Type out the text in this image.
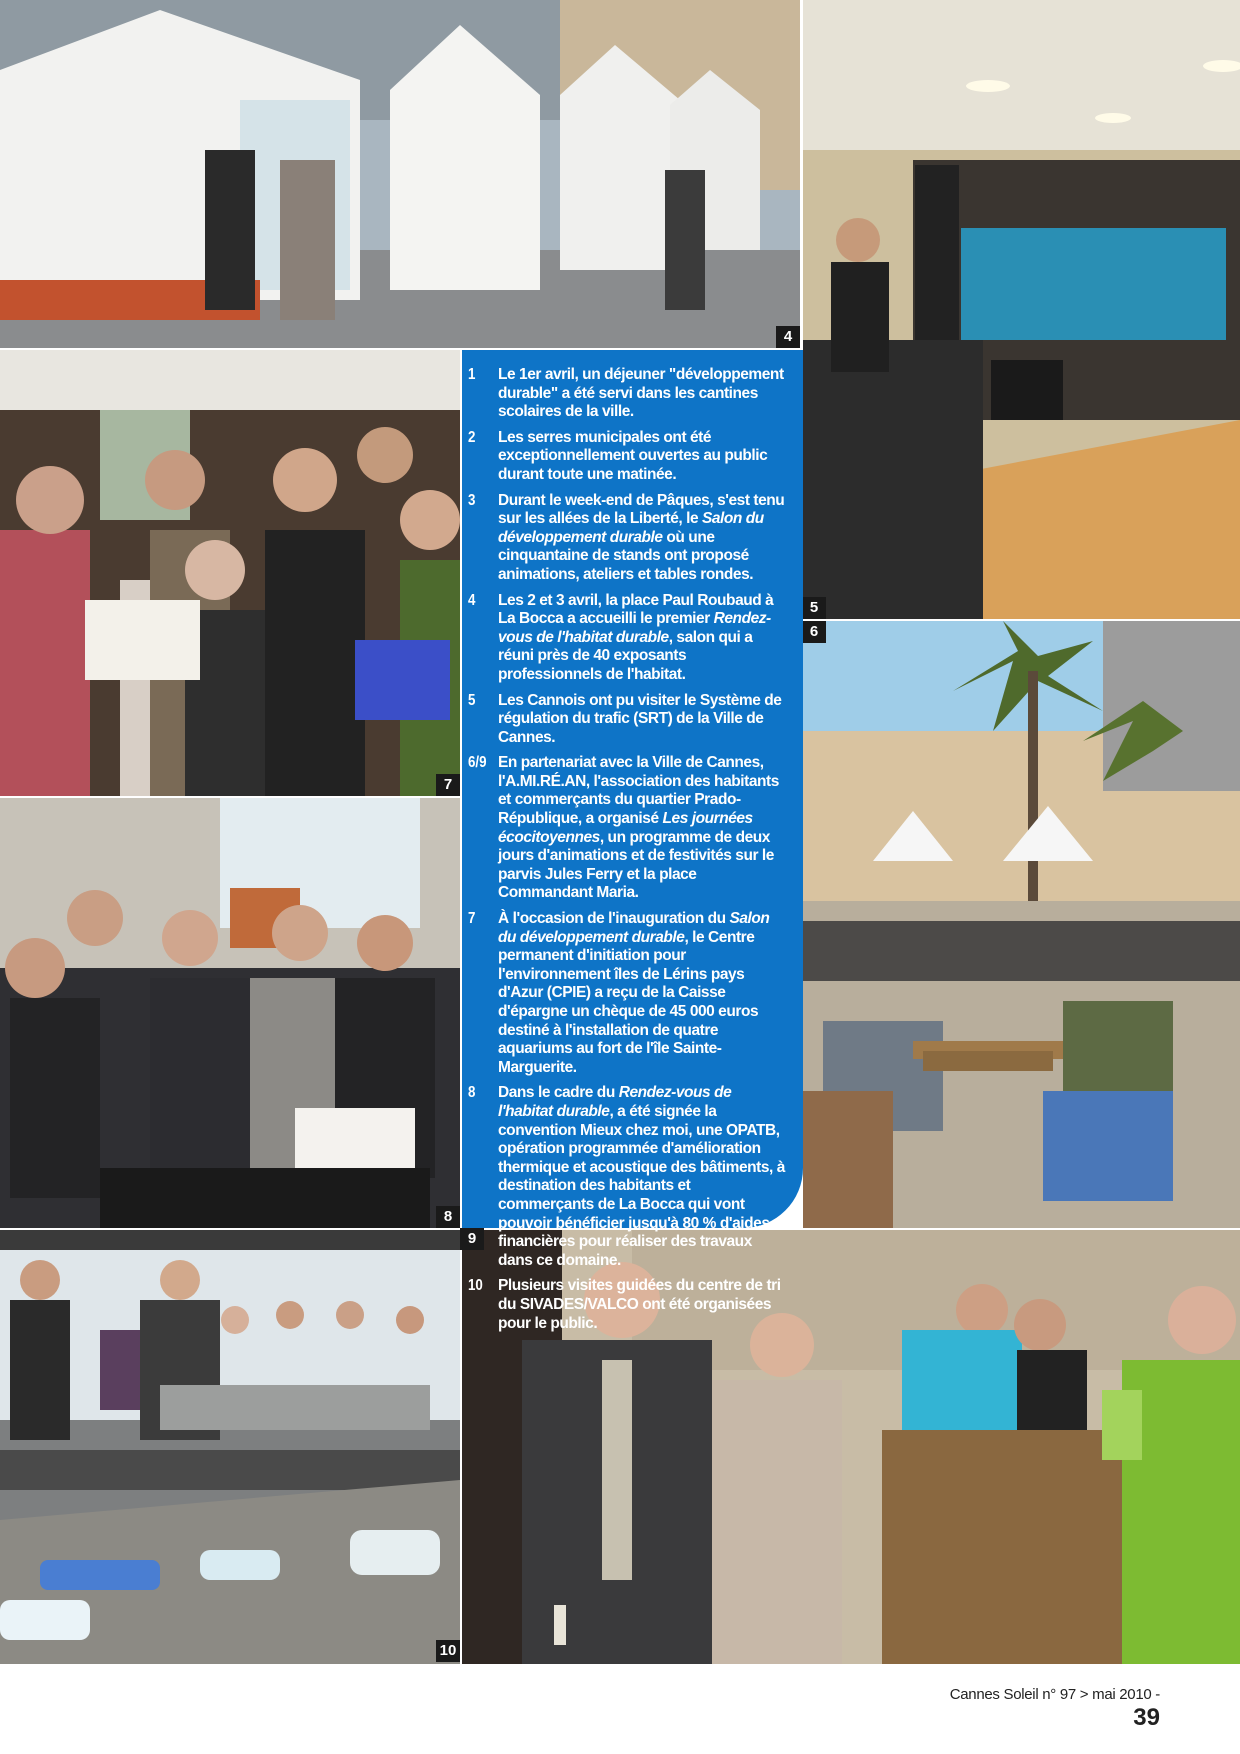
4
5
6
7
8
10
9
1	Le 1er avril, un déjeuner "développement durable" a été servi dans les cantines scolaires de la ville.
2	Les serres municipales ont été exceptionnellement ouvertes au public durant toute une matinée.
3	Durant le week-end de Pâques, s'est tenu sur les allées de la Liberté, le Salon du développement durable où une cinquantaine de stands ont proposé animations, ateliers et tables rondes.
4	Les 2 et 3 avril, la place Paul Roubaud à La Bocca a accueilli le premier Rendez-vous de l'habitat durable, salon qui a réuni près de 40 exposants professionnels de l'habitat.
5	Les Cannois ont pu visiter le Système de régulation du trafic (SRT) de la Ville de Cannes.
6/9 En partenariat avec la Ville de Cannes, l'A.MI.RÉ.AN, l'association des habitants et commerçants du quartier Prado-République, a organisé Les journées écocitoyennes, un programme de deux jours d'animations et de festivités sur le parvis Jules Ferry et la place Commandant Maria.
7	À l'occasion de l'inauguration du Salon du développement durable, le Centre permanent d'initiation pour l'environnement îles de Lérins pays d'Azur (CPIE) a reçu de la Caisse d'épargne un chèque de 45 000 euros destiné à l'installation de quatre aquariums au fort de l'île Sainte-Marguerite.
8	Dans le cadre du Rendez-vous de l'habitat durable, a été signée la convention Mieux chez moi, une OPATB, opération programmée d'amélioration thermique et acoustique des bâtiments, à destination des habitants et commerçants de La Bocca qui vont pouvoir bénéficier jusqu'à 80 % d'aides financières pour réaliser des travaux dans ce domaine.
10 Plusieurs visites guidées du centre de tri du SIVADES/VALCO ont été organisées pour le public.
Cannes Soleil n° 97 > mai 2010 - 39
